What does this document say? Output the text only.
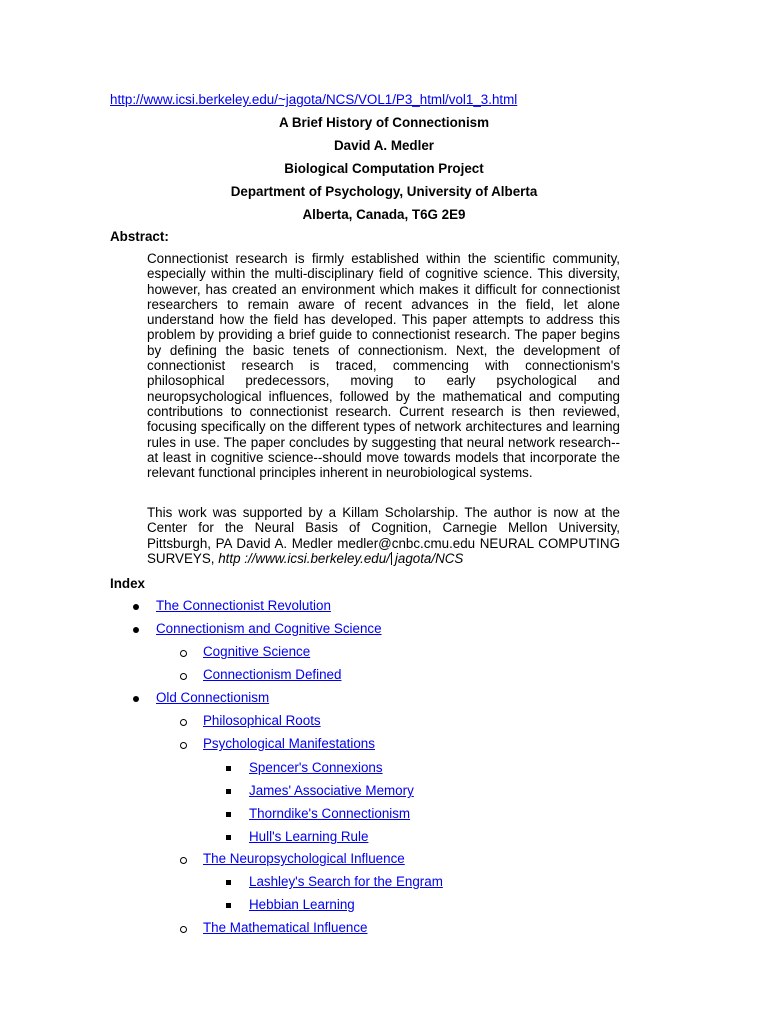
http://www.icsi.berkeley.edu/~jagota/NCS/VOL1/P3_html/vol1_3.html
A Brief History of Connectionism
David A. Medler
Biological Computation Project
Department of Psychology, University of Alberta
Alberta, Canada, T6G 2E9
Abstract:
Connectionist research is firmly established within the scientific community, especially within the multi-disciplinary field of cognitive science. This diversity, however, has created an environment which makes it difficult for connectionist researchers to remain aware of recent advances in the field, let alone understand how the field has developed. This paper attempts to address this problem by providing a brief guide to connectionist research. The paper begins by defining the basic tenets of connectionism. Next, the development of connectionist research is traced, commencing with connectionism's philosophical predecessors, moving to early psychological and neuropsychological influences, followed by the mathematical and computing contributions to connectionist research. Current research is then reviewed, focusing specifically on the different types of network architectures and learning rules in use. The paper concludes by suggesting that neural network research--at least in cognitive science--should move towards models that incorporate the relevant functional principles inherent in neurobiological systems.
This work was supported by a Killam Scholarship. The author is now at the Center for the Neural Basis of Cognition, Carnegie Mellon University, Pittsburgh, PA David A. Medler medler@cnbc.cmu.edu NEURAL COMPUTING SURVEYS, http ://www.icsi.berkeley.edu/ jagota/NCS
Index
The Connectionist Revolution
Connectionism and Cognitive Science
Cognitive Science
Connectionism Defined
Old Connectionism
Philosophical Roots
Psychological Manifestations
Spencer's Connexions
James' Associative Memory
Thorndike's Connectionism
Hull's Learning Rule
The Neuropsychological Influence
Lashley's Search for the Engram
Hebbian Learning
The Mathematical Influence
